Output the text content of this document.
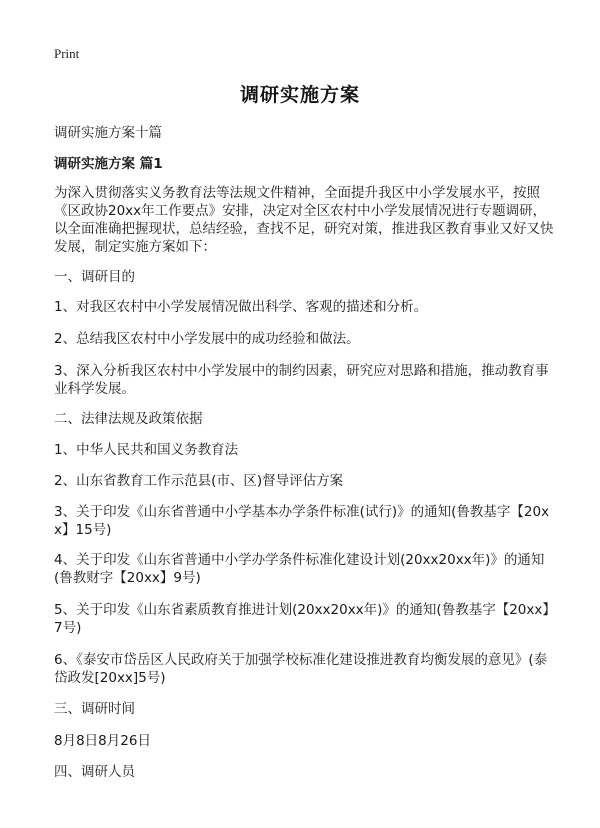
Print
调研实施方案
调研实施方案十篇
调研实施方案 篇1
为深入贯彻落实义务教育法等法规文件精神，全面提升我区中小学发展水平，按照《区政协20xx年工作要点》安排，决定对全区农村中小学发展情况进行专题调研，以全面准确把握现状，总结经验，查找不足，研究对策，推进我区教育事业又好又快发展，制定实施方案如下：
一、调研目的
1、对我区农村中小学发展情况做出科学、客观的描述和分析。
2、总结我区农村中小学发展中的成功经验和做法。
3、深入分析我区农村中小学发展中的制约因素，研究应对思路和措施，推动教育事业科学发展。
二、法律法规及政策依据
1、中华人民共和国义务教育法
2、山东省教育工作示范县(市、区)督导评估方案
3、关于印发《山东省普通中小学基本办学条件标准(试行)》的通知(鲁教基字【20xx】15号)
4、关于印发《山东省普通中小学办学条件标准化建设计划(20xx20xx年)》的通知(鲁教财字【20xx】9号)
5、关于印发《山东省素质教育推进计划(20xx20xx年)》的通知(鲁教基字【20xx】7号)
6、《泰安市岱岳区人民政府关于加强学校标准化建设推进教育均衡发展的意见》(泰岱政发[20xx]5号)
三、调研时间
8月8日8月26日
四、调研人员
